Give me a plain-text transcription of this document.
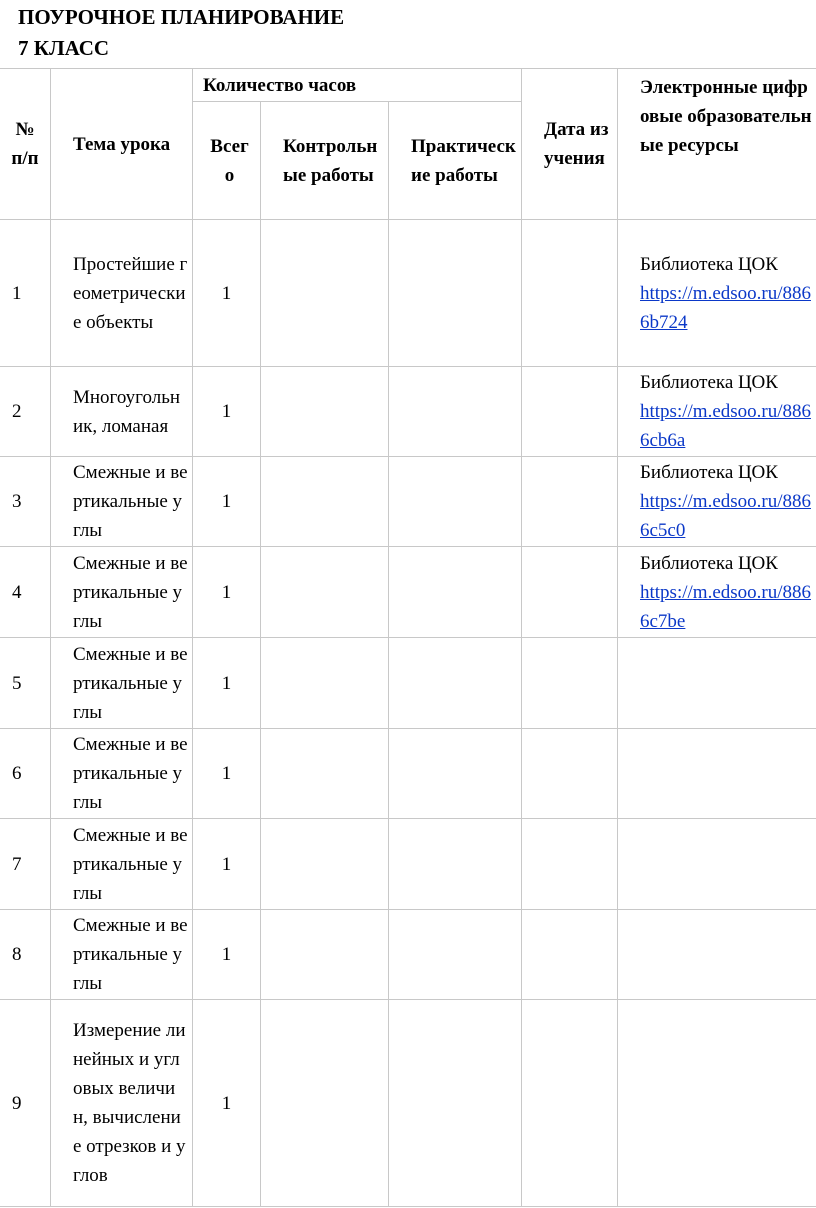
ПОУРОЧНОЕ ПЛАНИРОВАНИЕ
7 КЛАСС
№ п/п	Тема урока	Количество часов			Дата изучения	Электронные цифровые образовательные ресурсы
		Всего	Контрольные работы	Практические работы		
1	Простейшие геометрические объекты	1				Библиотека ЦОК
https://m.edsoo.ru/8866b724
2	Многоугольник, ломаная	1				Библиотека ЦОК
https://m.edsoo.ru/8866cb6a
3	Смежные и вертикальные углы	1				Библиотека ЦОК
https://m.edsoo.ru/8866c5c0
4	Смежные и вертикальные углы	1				Библиотека ЦОК
https://m.edsoo.ru/8866c7be
5	Смежные и вертикальные углы	1				
6	Смежные и вертикальные углы	1				
7	Смежные и вертикальные углы	1				
8	Смежные и вертикальные углы	1				
9	Измерение линейных и угловых величин, вычисление отрезков и углов	1				
